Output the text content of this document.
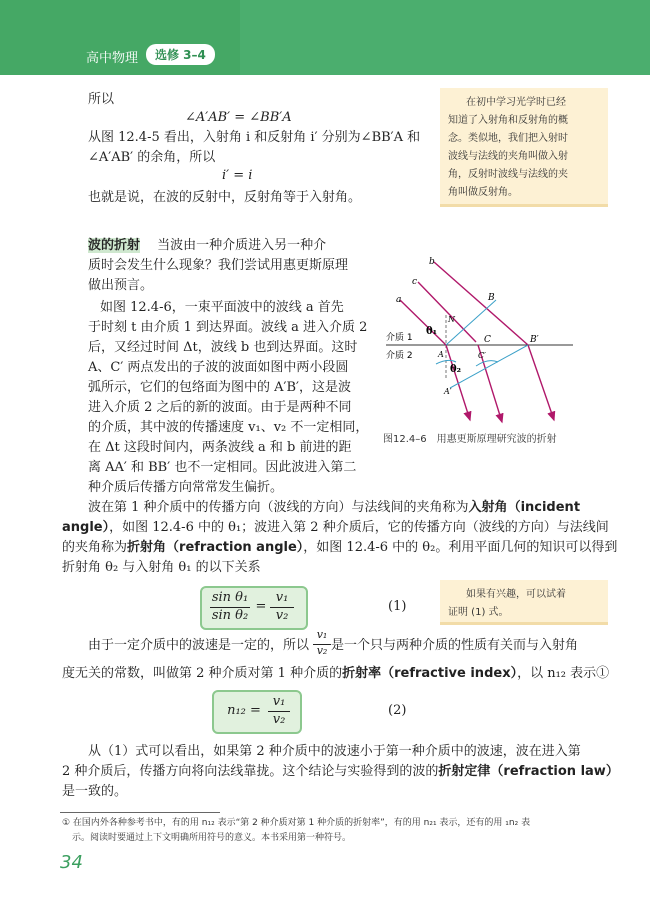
高中物理	选修 3–4
所以
∠A′AB′ = ∠BB′A
从图 12.4-5 看出，入射角 i 和反射角 i′ 分别为∠BB′A 和
∠A′AB′ 的余角，所以
i′ = i
也就是说，在波的反射中，反射角等于入射角。
在初中学习光学时已经
知道了入射角和反射角的概
念。类似地，我们把入射时
波线与法线的夹角叫做入射
角，反射时波线与法线的夹
角叫做反射角。
波的折射 　 当波由一种介质进入另一种介
质时会发生什么现象？我们尝试用惠更斯原理
做出预言。
如图 12.4-6，一束平面波中的波线 a 首先
于时刻 t 由介质 1 到达界面。波线 a 进入介质 2
后，又经过时间 Δt，波线 b 也到达界面。这时
A、C′ 两点发出的子波的波面如图中两小段圆
弧所示，它们的包络面为图中的 A′B′，这是波
进入介质 2 之后的新的波面。由于是两种不同
的介质，其中波的传播速度 v₁、v₂ 不一定相同，
在 Δt 这段时间内，两条波线 a 和 b 前进的距
离 AA′ 和 BB′ 也不一定相同。因此波进入第二
种介质后传播方向常常发生偏折。
a
c
b
B
N
θ₁
介质 1
介质 2
C	B′
A	C′
θ₂
A′
图12.4–6　用惠更斯原理研究波的折射
波在第 1 种介质中的传播方向（波线的方向）与法线间的夹角称为入射角（incident
angle），如图 12.4-6 中的 θ₁；波进入第 2 种介质后，它的传播方向（波线的方向）与法线间
的夹角称为折射角（refraction angle），如图 12.4-6 中的 θ₂。利用平面几何的知识可以得到
折射角 θ₂ 与入射角 θ₁ 的以下关系
sin θ₁
sin θ₂
=
v₁
v₂
(1)
如果有兴趣，可以试着
证明 (1) 式。
由于一定介质中的波速是一定的，所以 是一个只与两种介质的性质有关而与入射角
v₁
v₂
度无关的常数，叫做第 2 种介质对第 1 种介质的折射率（refractive index），以 n₁₂ 表示①
n₁₂ =
v₁
v₂
(2)
从（1）式可以看出，如果第 2 种介质中的波速小于第一种介质中的波速，波在进入第
2 种介质后，传播方向将向法线靠拢。这个结论与实验得到的波的折射定律（refraction law）
是一致的。
① 在国内外各种参考书中，有的用 n₁₂ 表示“第 2 种介质对第 1 种介质的折射率”，有的用 n₂₁ 表示，还有的用 ₁n₂ 表
示。阅读时要通过上下文明确所用符号的意义。本书采用第一种符号。
34
